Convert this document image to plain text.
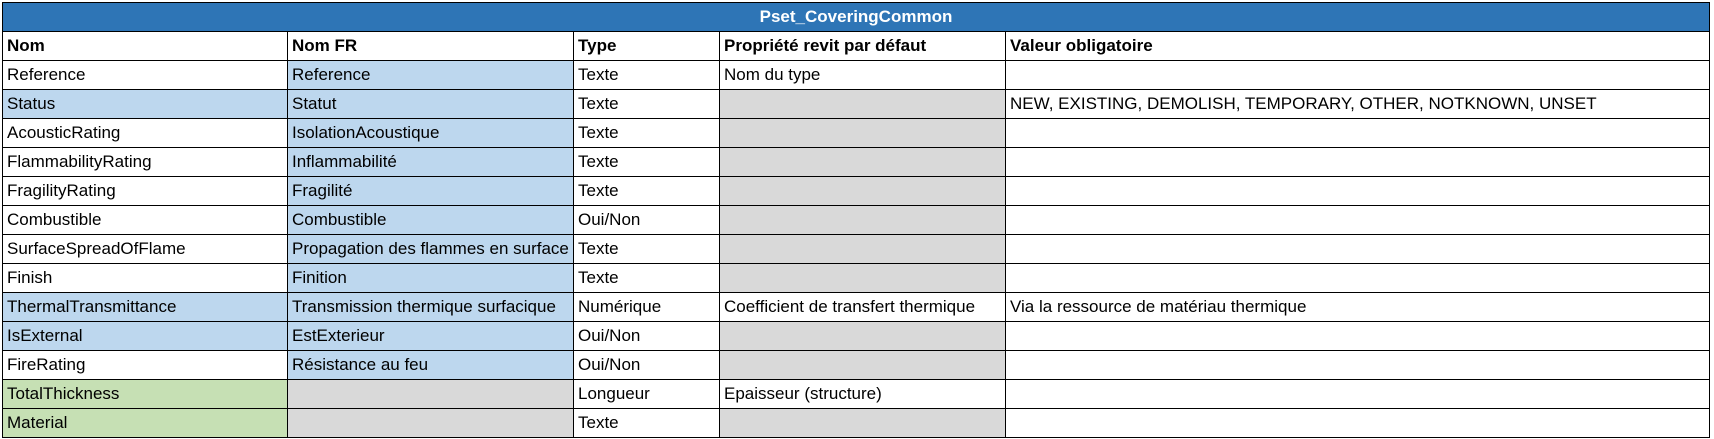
Pset_CoveringCommon				
Nom	Nom FR	Type	Propriété revit par défaut	Valeur obligatoire
Reference	Reference	Texte	Nom du type	
Status	Statut	Texte		NEW, EXISTING, DEMOLISH, TEMPORARY, OTHER, NOTKNOWN, UNSET
AcousticRating	IsolationAcoustique	Texte		
FlammabilityRating	Inflammabilité	Texte		
FragilityRating	Fragilité	Texte		
Combustible	Combustible	Oui/Non		
SurfaceSpreadOfFlame	Propagation des flammes en surface	Texte		
Finish	Finition	Texte		
ThermalTransmittance	Transmission thermique surfacique	Numérique	Coefficient de transfert thermique	Via la ressource de matériau thermique
IsExternal	EstExterieur	Oui/Non		
FireRating	Résistance au feu	Oui/Non		
TotalThickness		Longueur	Epaisseur (structure)	
Material		Texte		
